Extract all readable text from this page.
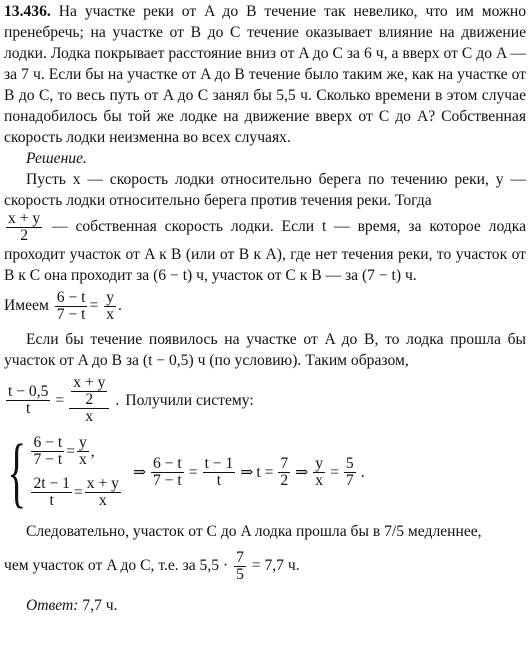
13.436. На участке реки от A до B течение так невелико, что им можно пренебречь; на участке от B до C течение оказывает влияние на движение лодки. Лодка покрывает расстояние вниз от A до C за 6 ч, а вверх от C до A — за 7 ч. Если бы на участке от A до B течение было таким же, как на участке от B до C, то весь путь от A до C занял бы 5,5 ч. Сколько времени в этом случае понадобилось бы той же лодке на движение вверх от C до A? Собственная скорость лодки неизменна во всех случаях.

Решение.

Пусть x — скорость лодки относительно берега по течению реки, y — скорость лодки относительно берега против течения реки. Тогда

$\frac{x + y}{2}$ — собственная скорость лодки. Если t — время, за которое лодка проходит участок от A к B (или от B к A), где нет течения реки, то участок от B к C она проходит за (6 − t) ч, участок от C к B — за (7 − t) ч.

Имеем $\frac{6 - t}{7 - t} = \frac{y}{x}$ .

Если бы течение появилось на участке от A до B, то лодка прошла бы участок от A до B за (t − 0,5) ч (по условию). Таким образом,

$\frac{t - 0,5}{t} = \frac{\frac{x + y}{2}}{x}$ . Получили систему:
{ $\frac{6 - t}{7 - t} = \frac{y}{x}$ ,
$\frac{2t - 1}{t} = \frac{x + y}{x}$
⇒ $\frac{6 - t}{7 - t} = \frac{t - 1}{t}$ ⇒ $t = \frac{7}{2}$ ⇒ $\frac{y}{x} = \frac{5}{7}$ .

Следовательно, участок от C до A лодка прошла бы в 7/5 медленнее,

чем участок от A до C, т.е. за $5,5 \cdot \frac{7}{5} = 7,7$ ч.

Ответ: 7,7 ч.
